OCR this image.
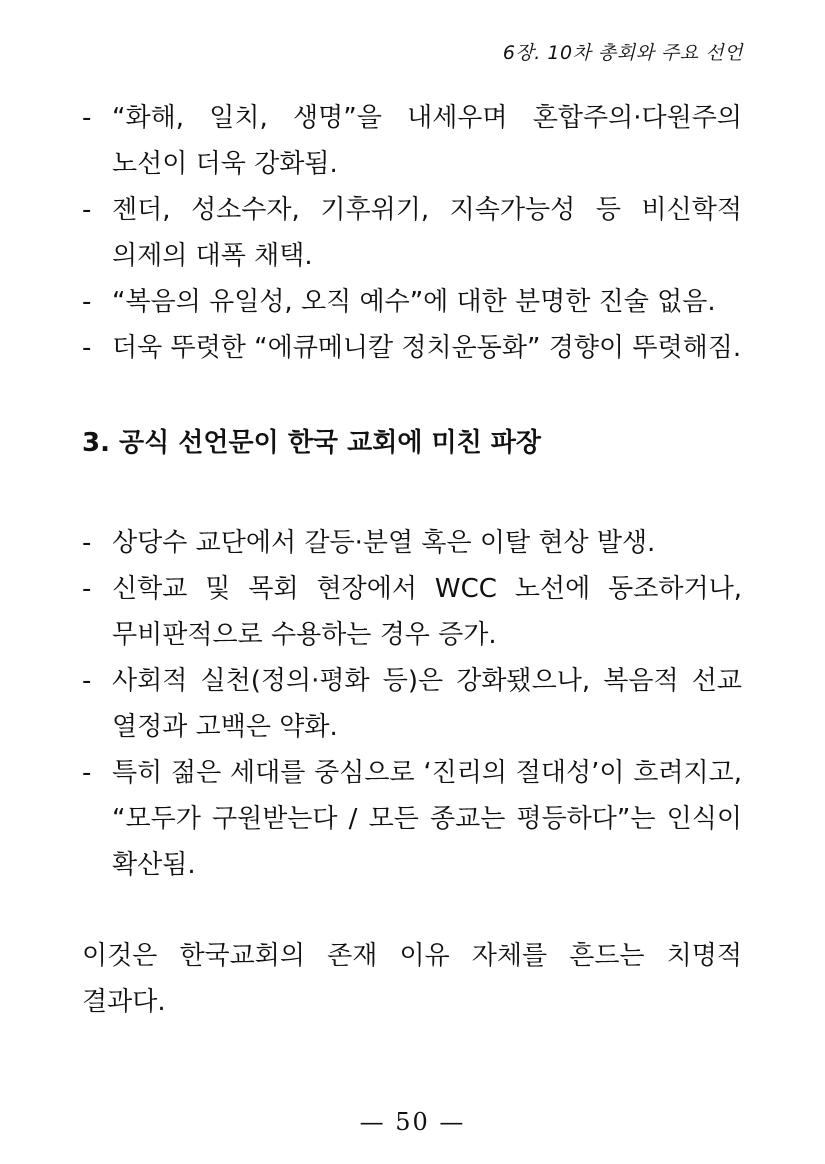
6장. 10차 총회와 주요 선언
- “화해, 일치, 생명”을 내세우며 혼합주의·다원주의 노선이 더욱 강화됨.
- 젠더, 성소수자, 기후위기, 지속가능성 등 비신학적 의제의 대폭 채택.
- “복음의 유일성, 오직 예수”에 대한 분명한 진술 없음.
- 더욱 뚜렷한 “에큐메니칼 정치운동화” 경향이 뚜렷해짐.
3. 공식 선언문이 한국 교회에 미친 파장
- 상당수 교단에서 갈등·분열 혹은 이탈 현상 발생.
- 신학교 및 목회 현장에서 WCC 노선에 동조하거나, 무비판적으로 수용하는 경우 증가.
- 사회적 실천(정의·평화 등)은 강화됐으나, 복음적 선교 열정과 고백은 약화.
- 특히 젊은 세대를 중심으로 ‘진리의 절대성’이 흐려지고, “모두가 구원받는다 / 모든 종교는 평등하다”는 인식이 확산됨.

이것은 한국교회의 존재 이유 자체를 흔드는 치명적 결과다.

— 50 —
